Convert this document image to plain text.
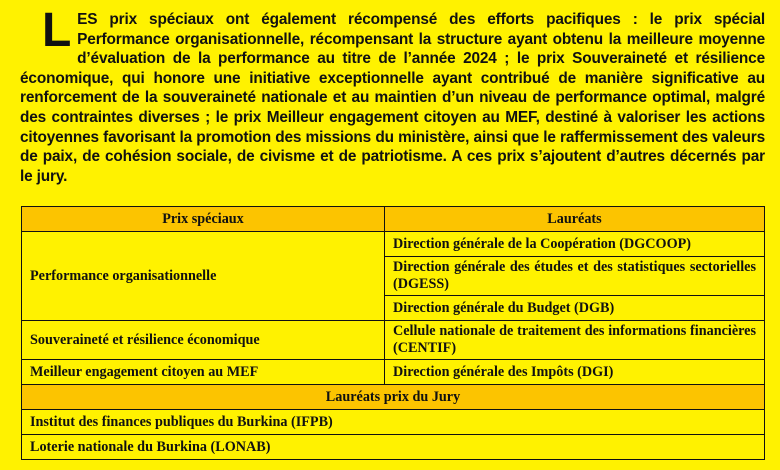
LES prix spéciaux ont également récompensé des efforts pacifiques : le prix spécial Performance organisationnelle, récompensant la structure ayant obtenu la meilleure moyenne d’évaluation de la performance au titre de l’année 2024 ; le prix Souveraineté et résilience économique, qui honore une initiative exceptionnelle ayant contribué de manière significative au renforcement de la souveraineté nationale et au maintien d’un niveau de performance optimal, malgré des contraintes diverses ; le prix Meilleur engagement citoyen au MEF, destiné à valoriser les actions citoyennes favorisant la promotion des missions du ministère, ainsi que le raffermissement des valeurs de paix, de cohésion sociale, de civisme et de patriotisme. A ces prix s’ajoutent d’autres décernés par le jury.

Prix spéciaux	Lauréats
Performance organisationnelle	Direction générale de la Coopération (DGCOOP)
	Direction générale des études et des statistiques sectorielles (DGESS)
	Direction générale du Budget (DGB)
Souveraineté et résilience économique	Cellule nationale de traitement des informations financières (CENTIF)
Meilleur engagement citoyen au MEF	Direction générale des Impôts (DGI)
Lauréats prix du Jury	
Institut des finances publiques du Burkina (IFPB)	
Loterie nationale du Burkina (LONAB)	
